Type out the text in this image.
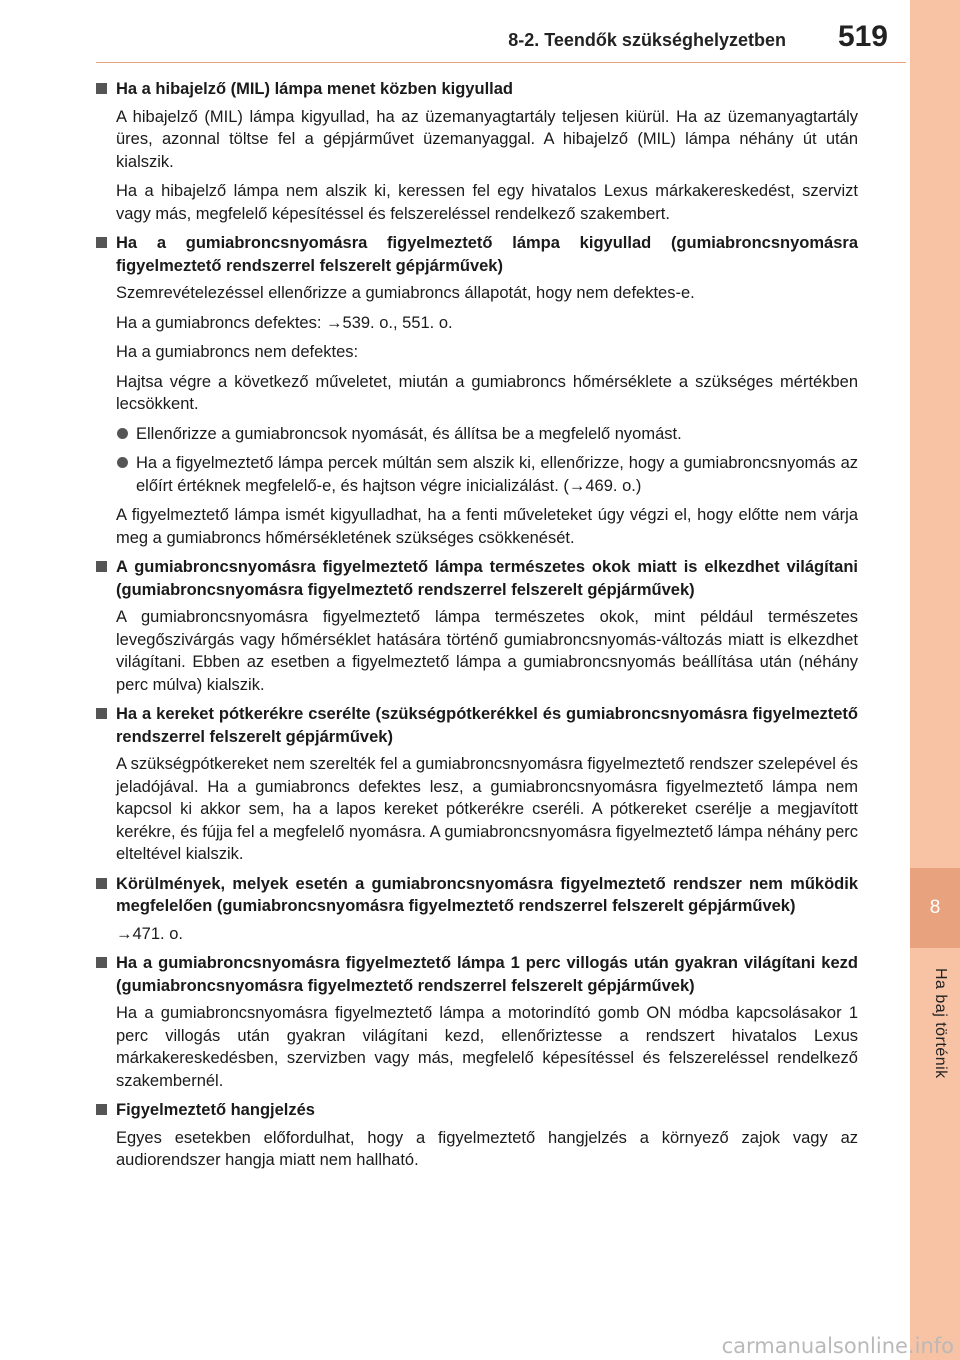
8
Ha baj történik
8-2. Teendők szükséghelyzetben 519
Ha a hibajelző (MIL) lámpa menet közben kigyullad

A hibajelző (MIL) lámpa kigyullad, ha az üzemanyagtartály teljesen kiürül. Ha az üzemanyagtartály üres, azonnal töltse fel a gépjárművet üzemanyaggal. A hibajelző (MIL) lámpa néhány út után kialszik.

Ha a hibajelző lámpa nem alszik ki, keressen fel egy hivatalos Lexus márkakereskedést, szervizt vagy más, megfelelő képesítéssel és felszereléssel rendelkező szakembert.

Ha a gumiabroncsnyomásra figyelmeztető lámpa kigyullad (gumiabroncsnyomásra figyelmeztető rendszerrel felszerelt gépjárművek)

Szemrevételezéssel ellenőrizze a gumiabroncs állapotát, hogy nem defektes-e.

Ha a gumiabroncs defektes: →539. o., 551. o.

Ha a gumiabroncs nem defektes:

Hajtsa végre a következő műveletet, miután a gumiabroncs hőmérséklete a szükséges mértékben lecsökkent.

Ellenőrizze a gumiabroncsok nyomását, és állítsa be a megfelelő nyomást.
Ha a figyelmeztető lámpa percek múltán sem alszik ki, ellenőrizze, hogy a gumiabroncsnyomás az előírt értéknek megfelelő-e, és hajtson végre inicializálást. (→469. o.)

A figyelmeztető lámpa ismét kigyulladhat, ha a fenti műveleteket úgy végzi el, hogy előtte nem várja meg a gumiabroncs hőmérsékletének szükséges csökkenését.

A gumiabroncsnyomásra figyelmeztető lámpa természetes okok miatt is elkezdhet világítani (gumiabroncsnyomásra figyelmeztető rendszerrel felszerelt gépjárművek)

A gumiabroncsnyomásra figyelmeztető lámpa természetes okok, mint például természetes levegőszivárgás vagy hőmérséklet hatására történő gumiabroncsnyomás-változás miatt is elkezdhet világítani. Ebben az esetben a figyelmeztető lámpa a gumiabroncsnyomás beállítása után (néhány perc múlva) kialszik.

Ha a kereket pótkerékre cserélte (szükségpótkerékkel és gumiabroncsnyomásra figyelmeztető rendszerrel felszerelt gépjárművek)

A szükségpótkereket nem szerelték fel a gumiabroncsnyomásra figyelmeztető rendszer szelepével és jeladójával. Ha a gumiabroncs defektes lesz, a gumiabroncsnyomásra figyelmeztető lámpa nem kapcsol ki akkor sem, ha a lapos kereket pótkerékre cseréli. A pótkereket cserélje a megjavított kerékre, és fújja fel a megfelelő nyomásra. A gumiabroncsnyomásra figyelmeztető lámpa néhány perc elteltével kialszik.

Körülmények, melyek esetén a gumiabroncsnyomásra figyelmeztető rendszer nem működik megfelelően (gumiabroncsnyomásra figyelmeztető rendszerrel felszerelt gépjárművek)

→471. o.

Ha a gumiabroncsnyomásra figyelmeztető lámpa 1 perc villogás után gyakran világítani kezd (gumiabroncsnyomásra figyelmeztető rendszerrel felszerelt gépjárművek)

Ha a gumiabroncsnyomásra figyelmeztető lámpa a motorindító gomb ON módba kapcsolásakor 1 perc villogás után gyakran világítani kezd, ellenőriztesse a rendszert hivatalos Lexus márkakereskedésben, szervizben vagy más, megfelelő képesítéssel és felszereléssel rendelkező szakembernél.

Figyelmeztető hangjelzés

Egyes esetekben előfordulhat, hogy a figyelmeztető hangjelzés a környező zajok vagy az audiorendszer hangja miatt nem hallható.

carmanualsonline.info
